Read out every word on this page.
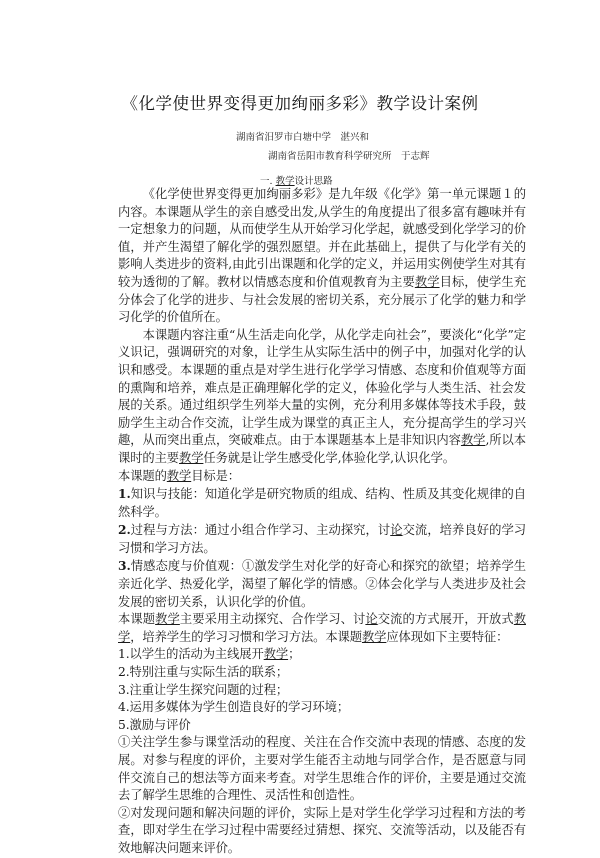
《化学使世界变得更加绚丽多彩》教学设计案例
湖南省汨罗市白塘中学　湛兴和
湖南省岳阳市教育科学研究所　于志辉
一. 教学设计思路

《化学使世界变得更加绚丽多彩》是九年级《化学》第一单元课题１的内容。本课题从学生的亲自感受出发,从学生的角度提出了很多富有趣味并有一定想象力的问题，从而使学生从开始学习化学起，就感受到化学学习的价值，并产生渴望了解化学的强烈愿望。并在此基础上，提供了与化学有关的影响人类进步的资料,由此引出课题和化学的定义，并运用实例使学生对其有较为透彻的了解。教材以情感态度和价值观教育为主要教学目标，使学生充分体会了化学的进步、与社会发展的密切关系，充分展示了化学的魅力和学习化学的价值所在。

本课题内容注重“从生活走向化学，从化学走向社会”，要淡化“化学”定义识记，强调研究的对象，让学生从实际生活中的例子中，加强对化学的认识和感受。本课题的重点是对学生进行化学学习情感、态度和价值观等方面的熏陶和培养，难点是正确理解化学的定义，体验化学与人类生活、社会发展的关系。通过组织学生列举大量的实例，充分利用多媒体等技术手段，鼓励学生主动合作交流，让学生成为课堂的真正主人，充分提高学生的学习兴趣，从而突出重点，突破难点。由于本课题基本上是非知识内容教学,所以本课时的主要教学任务就是让学生感受化学,体验化学,认识化学。

本课题的教学目标是：

1.知识与技能：知道化学是研究物质的组成、结构、性质及其变化规律的自然科学。

2.过程与方法：通过小组合作学习、主动探究，讨论交流，培养良好的学习习惯和学习方法。

3.情感态度与价值观：①激发学生对化学的好奇心和探究的欲望；培养学生亲近化学、热爱化学，渴望了解化学的情感。②体会化学与人类进步及社会发展的密切关系，认识化学的价值。

本课题教学主要采用主动探究、合作学习、讨论交流的方式展开，开放式教学，培养学生的学习习惯和学习方法。本课题教学应体现如下主要特征：

1.以学生的活动为主线展开教学；

2.特别注重与实际生活的联系；

3.注重让学生探究问题的过程；

4.运用多媒体为学生创造良好的学习环境；

5.激励与评价

①关注学生参与课堂活动的程度、关注在合作交流中表现的情感、态度的发展。对参与程度的评价，主要对学生能否主动地与同学合作，是否愿意与同伴交流自己的想法等方面来考查。对学生思维合作的评价，主要是通过交流去了解学生思维的合理性、灵活性和创造性。

②对发现问题和解决问题的评价，实际上是对学生化学学习过程和方法的考查，即对学生在学习过程中需要经过猜想、探究、交流等活动，以及能否有效地解决问题来评价。
